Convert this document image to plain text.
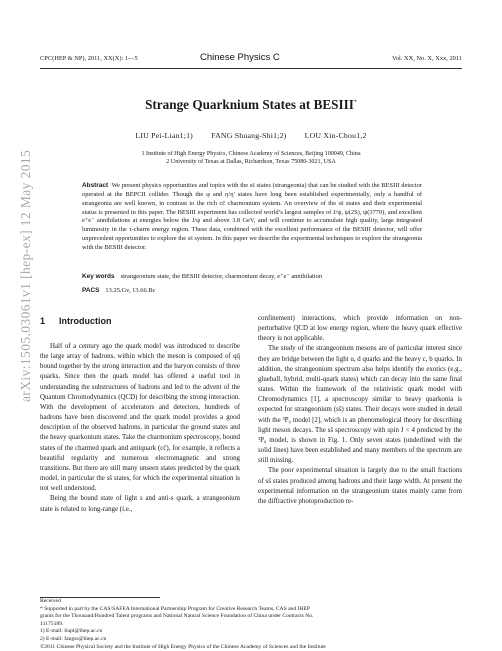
CPC(HEP & NP), 2011, XX(X): 1—5	Chinese Physics C	Vol. XX, No. X, Xxx, 2011
arXiv:1505.03061v1 [hep-ex] 12 May 2015
Strange Quarknium States at BESIII*
LIU Pei-Lian1;1) FANG Shuang-Shi1;2) LOU Xin-Chou1,2
1 Institute of High Energy Physics, Chinese Academy of Sciences, Beijing 100049, China
2 University of Texas at Dallas, Richardson, Texas 75080-3021, USA
Abstract We present physics opportunities and topics with the ss̄ states (strangeonia) that can be studied with the BESIII detector operated at the BEPCII collider. Though the φ and η/η′ states have long been established experimentally, only a handful of strangeonia are well known, in contrast to the rich cc̄ charmonium system. An overview of the ss̄ states and their experimental status is presented in this paper. The BESIII experiment has collected world’s largest samples of J/ψ, ψ(2S), ψ(3770), and excellent e⁺e⁻ annihilations at energies below the J/ψ and above 3.8 GeV, and will continue to accumulate high quality, large integrated luminosity in the τ-charm energy region. These data, combined with the excellent performance of the BESIII detector, will offer unprecedent opportunities to explore the ss̄ system. In this paper we describe the experimental techniques to explore the strangeonia with the BESIII detector.
Key words strangeonium state, the BESIII detector, charmonium decay, e⁺e⁻ annihilation
PACS 13.25.Gv, 13.66.Bc
1 Introduction

Half of a century ago the quark model was introduced to describe the large array of hadrons, within which the meson is composed of qq̄ bound together by the strong interaction and the baryon consists of three quarks. Since then the quark model has offered a useful tool in understanding the substructures of hadrons and led to the advent of the Quantum Chromodynamics (QCD) for describing the strong interaction. With the development of accelerators and detectors, hundreds of hadrons have been discovered and the quark model provides a good description of the observed hadrons, in particular the ground states and the heavy quarkonium states. Take the charmonium spectroscopy, bound states of the charmed quark and antiquark (cc̄), for example, it reflects a beautiful regularity and numerous electromagnetic and strong transitions. But there are still many unseen states predicted by the quark model, in particular the ss̄ states, for which the experimental situation is not well understood.

Being the bound state of light s and anti-s quark, a strangeonium state is related to long-range (i.e.,

confinement) interactions, which provide information on non-perturbative QCD at low energy region, where the heavy quark effective theory is not applicable.

The study of the strangeonium mesons are of particular interest since they are bridge between the light u, d quarks and the heavy c, b quarks. In addition, the strangeonium spectrum also helps identify the exotics (e.g., glueball, hybrid, multi-quark states) which can decay into the same final states. Within the framework of the relativistic quark model with Chromodynamics [1], a spectroscopy similar to heavy quarkonia is expected for strangeonium (ss̄) states. Their decays were studied in detail with the ³P₀ model [2], which is an phenomelogical theory for describing light meson decays. The ss̄ spectroscopy with spin J < 4 predicted by the ³P₀ model, is shown in Fig. 1. Only seven states (underlined with the solid lines) have been established and many members of the spectrum are still missing.

The poor experimental situation is largely due to the small fractions of ss̄ states produced among hadrons and their large width. At present the experimental information on the strangeonium states mainly came from the diffractive photoproduction re-

Received
* Supported in part by the CAS/SAFEA International Partnership Program for Creative Research Teams, CAS and IHEP
grants for the Thousand/Hundred Talent programs and National Natural Science Foundation of China under Contracts No.
11175189.
1) E-mail: liupl@ihep.ac.cn
2) E-mail: fangss@ihep.ac.cn
©2011 Chinese Physical Society and the Institute of High Energy Physics of the Chinese Academy of Sciences and the Institute
